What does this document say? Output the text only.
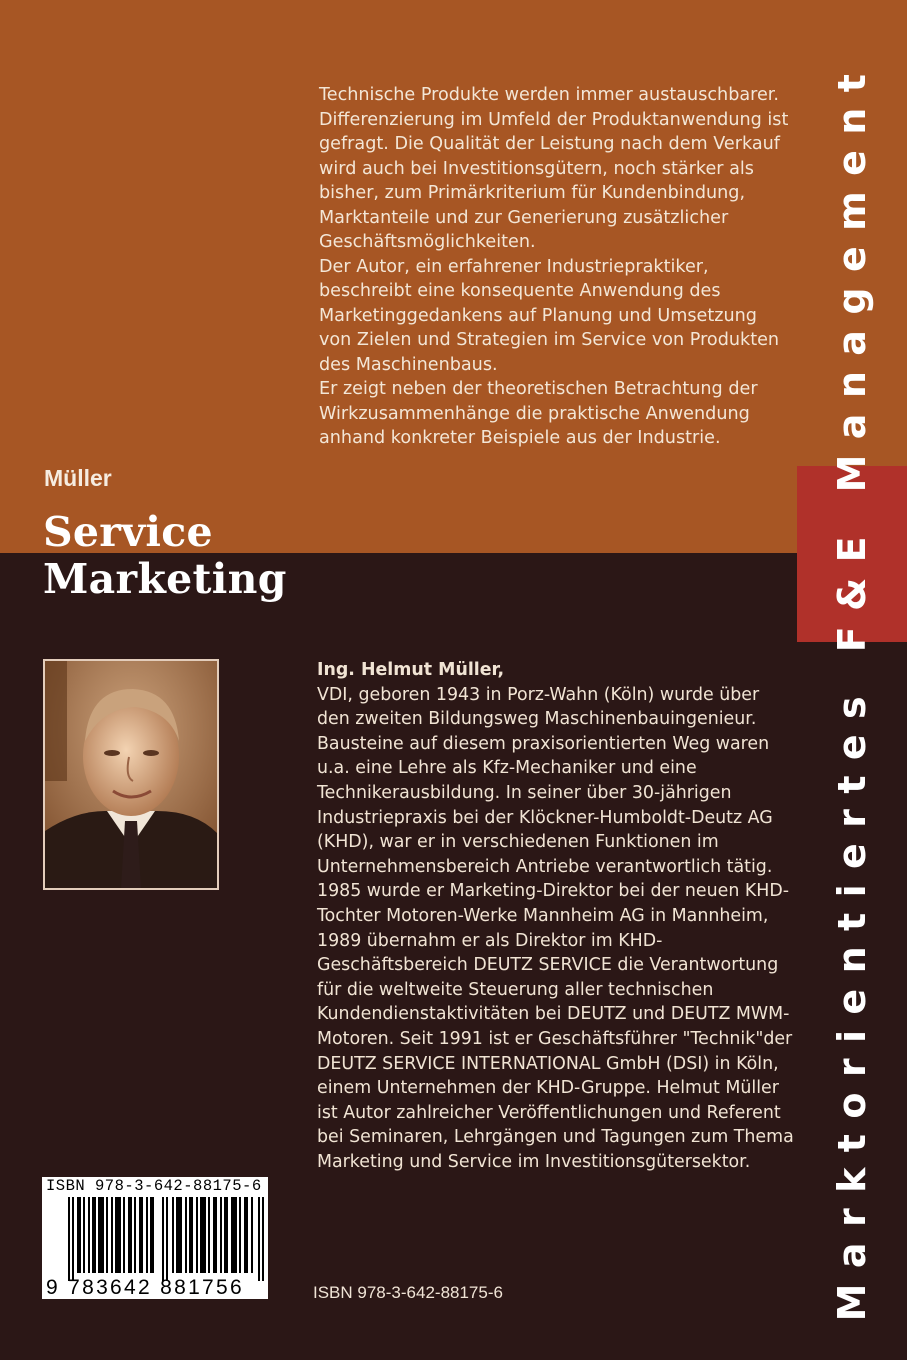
Technische Produkte werden immer austauschbarer. Differenzierung im Umfeld der Produktanwendung ist gefragt. Die Qualität der Leistung nach dem Verkauf wird auch bei Investitionsgütern, noch stärker als bisher, zum Primärkriterium für Kundenbindung, Marktanteile und zur Generierung zusätzlicher Geschäftsmöglichkeiten.

Der Autor, ein erfahrener Industriepraktiker, beschreibt eine konsequente Anwendung des Marketinggedankens auf Planung und Umsetzung von Zielen und Strategien im Service von Produkten des Maschinenbaus.

Er zeigt neben der theoretischen Betrachtung der Wirkzusammenhänge die praktische Anwendung anhand konkreter Beispiele aus der Industrie.

Müller
Service
Marketing	Marktorientiertes F&E Management
Ing. Helmut Müller,
VDI, geboren 1943 in Porz-Wahn (Köln) wurde über den zweiten Bildungsweg Maschinenbauingenieur. Bausteine auf diesem praxisorientierten Weg waren u.a. eine Lehre als Kfz-Mechaniker und eine Technikerausbildung. In seiner über 30-jährigen Industriepraxis bei der Klöckner-Humboldt-Deutz AG (KHD), war er in verschiedenen Funktionen im Unternehmensbereich Antriebe verantwortlich tätig. 1985 wurde er Marketing-Direktor bei der neuen KHD-Tochter Motoren-Werke Mannheim AG in Mannheim, 1989 übernahm er als Direktor im KHD-Geschäftsbereich DEUTZ SERVICE die Verantwortung für die weltweite Steuerung aller technischen Kundendienstaktivitäten bei DEUTZ und DEUTZ MWM-Motoren. Seit 1991 ist er Geschäftsführer "Technik"der DEUTZ SERVICE INTERNATIONAL GmbH (DSI) in Köln, einem Unternehmen der KHD-Gruppe. Helmut Müller ist Autor zahlreicher Veröffentlichungen und Referent bei Seminaren, Lehrgängen und Tagungen zum Thema Marketing und Service im Investitionsgütersektor.
ISBN 978-3-642-88175-6
9 783642 881756	ISBN 978-3-642-88175-6
